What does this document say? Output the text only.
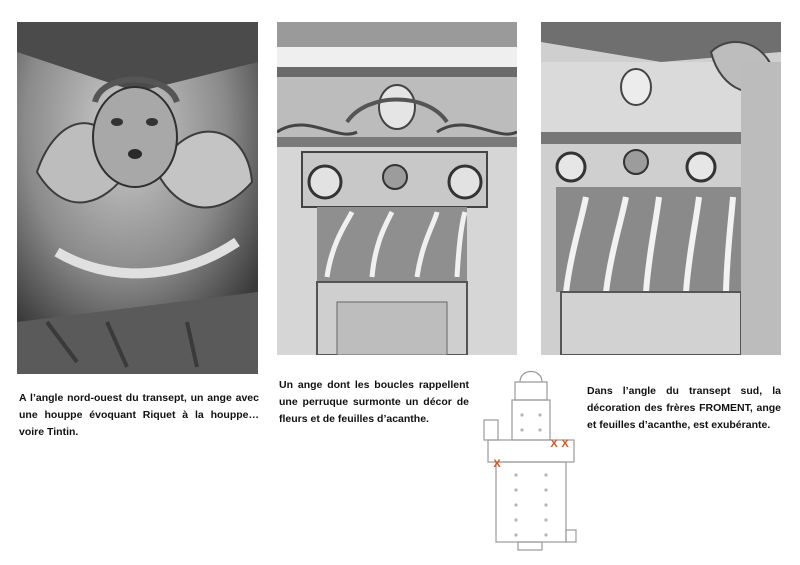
A l’angle nord-ouest du transept, un ange avec une houppe évoquant Riquet à la houppe… voire Tintin.

Un ange dont les boucles rappellent une perruque surmonte un décor de fleurs et de feuilles d’acanthe.

Dans l’angle du transept sud, la décoration des frères FROMENT, ange et feuilles d’acanthe, est exubérante.

X
X X
